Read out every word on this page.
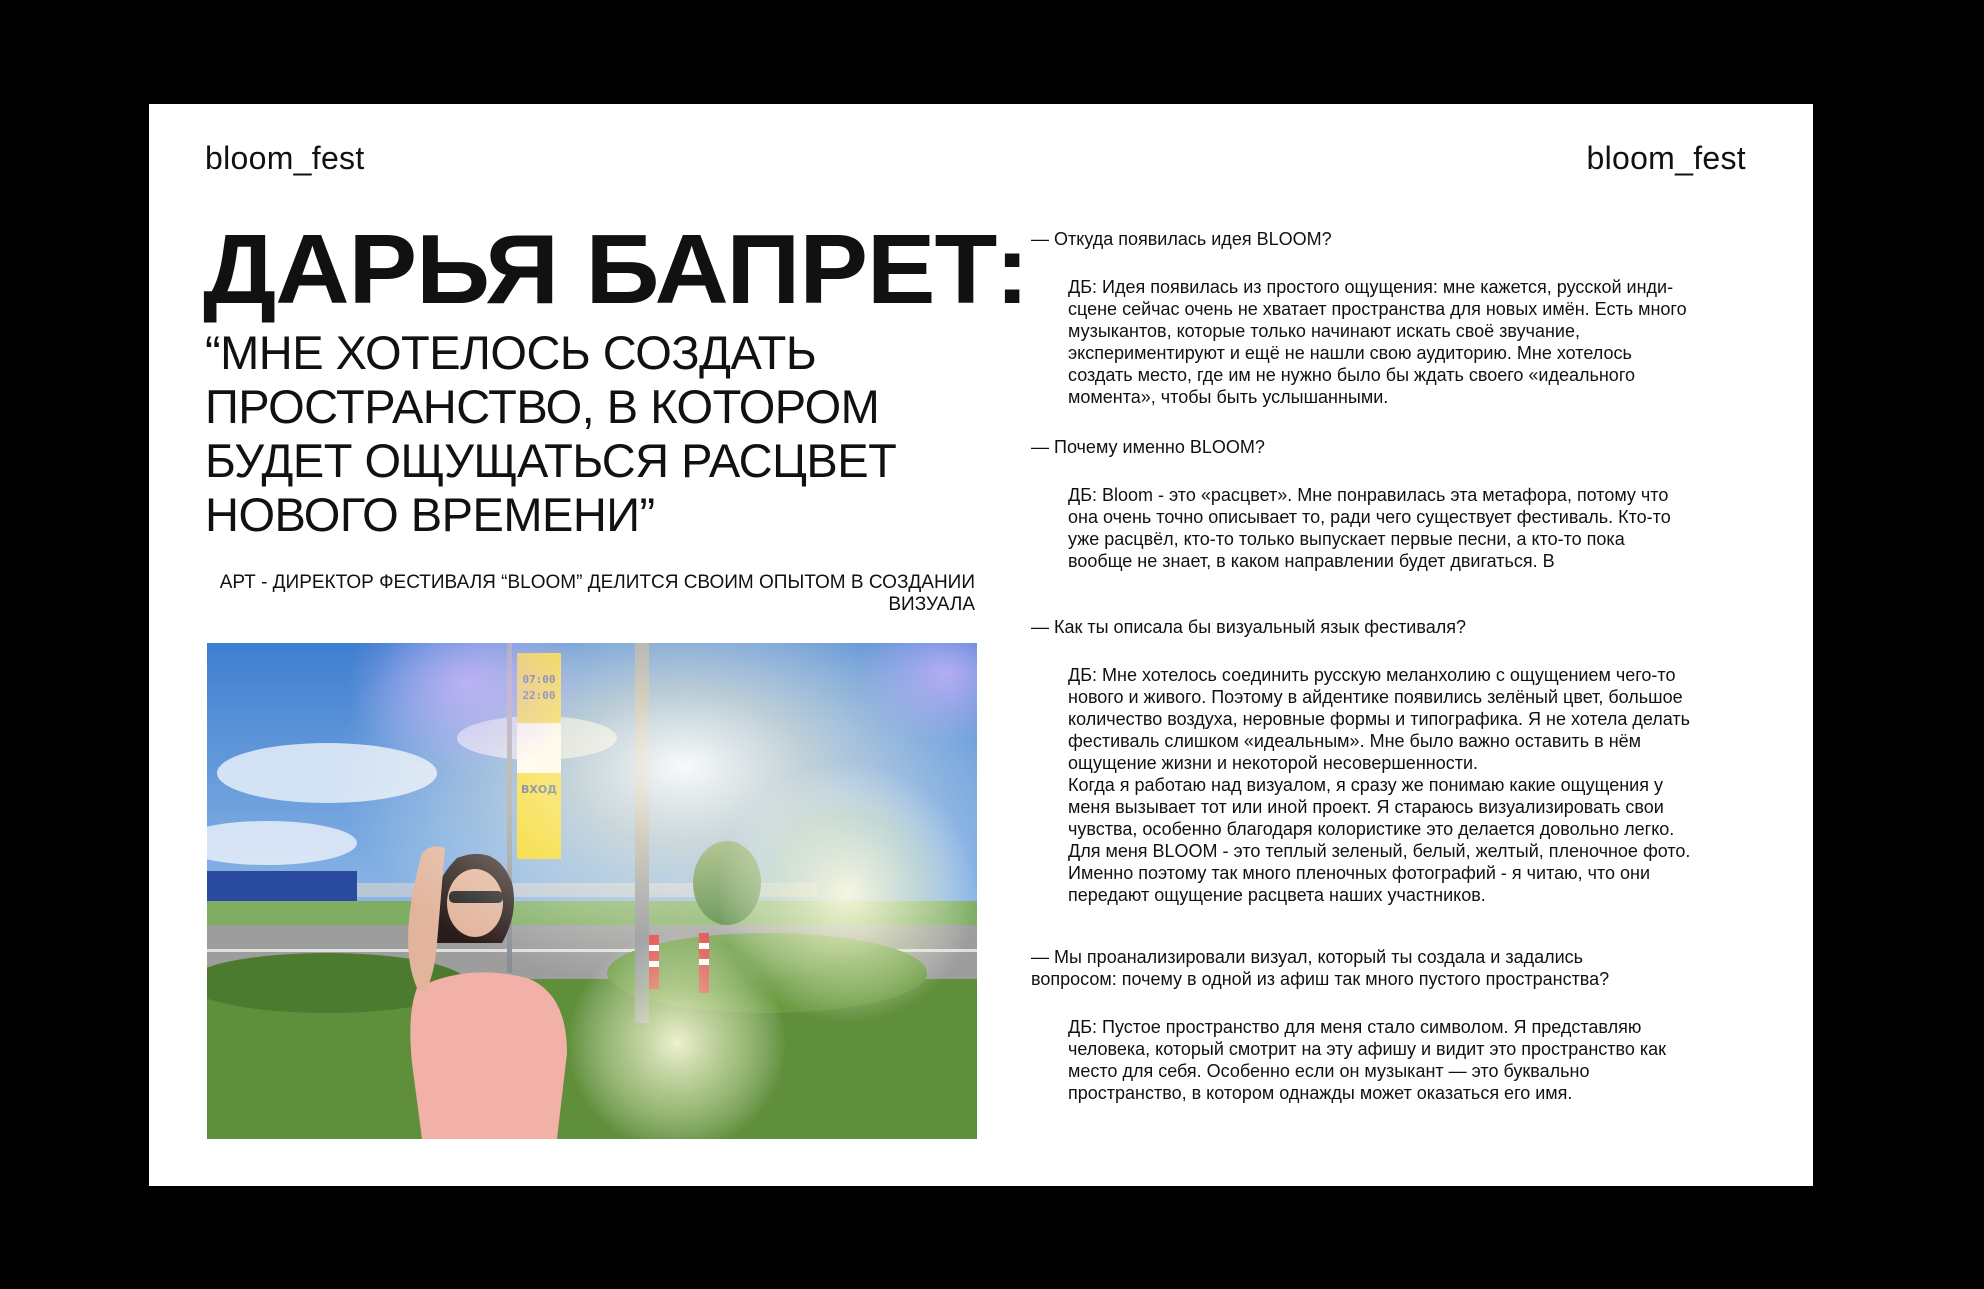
bloom_fest	bloom_fest
ДАРЬЯ БАПРЕТ:

“МНЕ ХОТЕЛОСЬ СОЗДАТЬ ПРОСТРАНСТВО, В КОТОРОМ БУДЕТ ОЩУЩАТЬСЯ РАСЦВЕТ НОВОГО ВРЕМЕНИ”

АРТ - ДИРЕКТОР ФЕСТИВАЛЯ “BLOOM” ДЕЛИТСЯ СВОИМ ОПЫТОМ В СОЗДАНИИ ВИЗУАЛА

— Откуда появилась идея BLOOM?

ДБ: Идея появилась из простого ощущения: мне кажется, русской инди-
сцене сейчас очень не хватает пространства для новых имён. Есть много
музыкантов, которые только начинают искать своё звучание,
экспериментируют и ещё не нашли свою аудиторию. Мне хотелось
создать место, где им не нужно было бы ждать своего «идеального
момента», чтобы быть услышанными.

— Почему именно BLOOM?

ДБ: Bloom - это «расцвет». Мне понравилась эта метафора, потому что
она очень точно описывает то, ради чего существует фестиваль. Кто-то
уже расцвёл, кто-то только выпускает первые песни, а кто-то пока
вообще не знает, в каком направлении будет двигаться. В

— Как ты описала бы визуальный язык фестиваля?

ДБ: Мне хотелось соединить русскую меланхолию с ощущением чего-то
нового и живого. Поэтому в айдентике появились зелёный цвет, большое
количество воздуха, неровные формы и типографика. Я не хотела делать
фестиваль слишком «идеальным». Мне было важно оставить в нём
ощущение жизни и некоторой несовершенности.
Когда я работаю над визуалом, я сразу же понимаю какие ощущения у
меня вызывает тот или иной проект. Я стараюсь визуализировать свои
чувства, особенно благодаря колористике это делается довольно легко.
Для меня BLOOM - это теплый зеленый, белый, желтый, пленочное фото.
Именно поэтому так много пленочных фотографий - я читаю, что они
передают ощущение расцвета наших участников.

— Мы проанализировали визуал, который ты создала и задались
вопросом: почему в одной из афиш так много пустого пространства?

ДБ: Пустое пространство для меня стало символом. Я представляю
человека, который смотрит на эту афишу и видит это пространство как
место для себя. Особенно если он музыкант — это буквально
пространство, в котором однажды может оказаться его имя.
